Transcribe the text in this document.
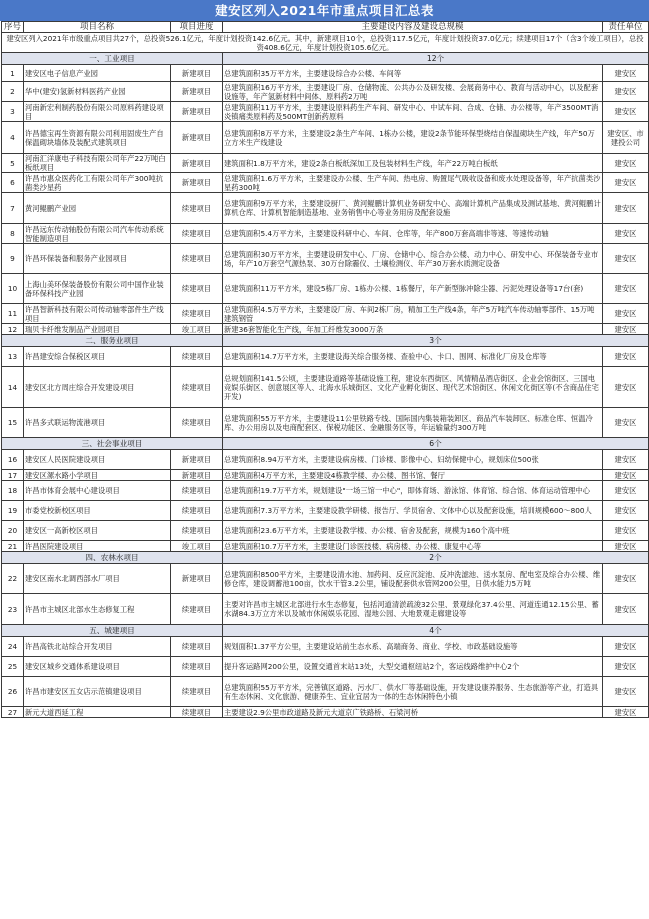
建安区列入2021年市重点项目汇总表
序号	项目名称	项目进度	主要建设内容及建设总规模	责任单位
建安区列入2021年市级重点项目共27个，总投资526.1亿元，年度计划投资142.6亿元。其中，新建项目10个，总投资117.5亿元，年度计划投资37.0亿元；续建项目17个（含3个竣工项目），总投资408.6亿元，年度计划投资105.6亿元。				
一、工业项目			12个	
1	建安区电子信息产业园	新建项目	总建筑面积35万平方米，主要建设综合办公楼、车间等	建安区
2	华中(建安)氢新材料医药产业园	新建项目	总建筑面积16万平方米，主要建设厂房、仓储物流、公共办公及研发楼、会展商务中心、教育与活动中心，以及配套设施等，年产氢新材料中间体、原料药2万吨	建安区
3	河南新宏利制药股份有限公司原料药建设项目	新建项目	总建筑面积11万平方米，主要建设原料药生产车间、研发中心、中试车间、合成、仓储、办公楼等，年产3500MT消炎镇痛类原料药及500MT创新药原料	建安区
4	许昌德宝再生资源有限公司利用固废生产自保温砌块墙体及装配式建筑项目	新建项目	总建筑面积8万平方米，主要建设2条生产车间、1栋办公楼，建设2条节能环保型烧结自保温砌块生产线，年产50万立方米生产线建设	建安区、市建投公司
5	河南汇洋康电子科技有限公司年产22万吨白板纸项目	新建项目	建筑面积1.8万平方米，建设2条白板纸深加工及包装材料生产线，年产22万吨白板纸	建安区
6	许昌市惠众医药化工有限公司年产300吨抗菌类沙星药	新建项目	总建筑面积1.6万平方米，主要建设办公楼、生产车间、热电房、购置尾气吸收设备和废水处理设备等，年产抗菌类沙星药300吨	建安区
7	黄河鲲鹏产业园	续建项目	总建筑面积9万平方米，主要建设厨厂、黄河鲲鹏计算机业务研发中心、高端计算机产品集成及测试基地、黄河鲲鹏计算机仓库、计算机智能制造基地、业务销售中心等业务用房及配套设施	建安区
8	许昌远东传动轴股份有限公司汽车传动系统智能制造项目	续建项目	总建筑面积5.4万平方米，主要建设科研中心、车间、仓库等，年产800万套高端非等速、等速传动轴	建安区
9	许昌环保装备和服务产业园项目	续建项目	总建筑面积30万平方米，主要建设研发中心、厂房、仓储中心、综合办公楼、动力中心、研发中心、环保装备专业市场，年产10万套空气源热泵、30万台除霾仪、土壤检测仪、年产30万套水质测定设备	建安区
10	上海山美环保装备股份有限公司中国作业装备环保科技产业园	续建项目	总建筑面积11万平方米，建设5栋厂房、1栋办公楼、1栋餐厅，年产新型脉冲除尘器、污泥处理设备等17台(套)	建安区
11	许昌智新科技有限公司传动轴零部件生产线项目	续建项目	总建筑面积4.5万平方米，主要建设厂房、车间2栋厂房，精加工生产线4条，年产5万吨汽车传动轴零部件、15万吨建筑钢管	建安区
12	瑞贝卡纤维发制品产业园项目	竣工项目	新建36套智能化生产线，年加工纤维发3000万条	建安区
二、服务业项目			3个	
13	许昌建安综合保税区项目	续建项目	总建筑面积14.7万平方米，主要建设海关综合服务楼、查验中心、卡口、围网、标准化厂房及仓库等	建安区
14	建安区北方周庄综合开发建设项目	续建项目	总规划面积141.5公顷，主要建设道路等基础设施工程，建设东西街区、风情精品酒店街区、企业会馆街区、三国电竞娱乐街区、创意展区等人、北海水乐城街区、文化产业孵化街区、现代艺术馆街区、休闲文化街区等(不含商品住宅开发)	建安区
15	许昌多式联运物流港项目	续建项目	总建筑面积55万平方米，主要建设11公里铁路专线、国际国内集装箱装卸区、商品汽车装卸区、标准仓库、恒温冷库、办公用房以及电商配套区、保税功能区、金融服务区等，年运输量约300万吨	建安区
三、社会事业项目			6个	
16	建安区人民医院建设项目	新建项目	总建筑面积8.94万平方米，主要建设病房楼、门诊楼、影像中心、妇幼保健中心，规划床位500张	建安区
17	建安区漯水路小学项目	新建项目	总建筑面积4万平方米，主要建设4栋教学楼、办公楼、图书馆、餐厅	建安区
18	许昌市体育会展中心建设项目	续建项目	总建筑面积19.7万平方米，规划建设"一场三馆一中心"，即体育场、游泳馆、体育馆、综合馆、体育运动管理中心	建安区
19	市委党校新校区项目	续建项目	总建筑面积7.3万平方米，主要建设教学研楼、报告厅、学员宿舍、文体中心以及配套设施，培训规模600～800人	建安区
20	建安区一高新校区项目	续建项目	总建筑面积23.6万平方米，主要建设教学楼、办公楼、宿舍及配套，规模为160个高中班	建安区
21	许昌医院建设项目	竣工项目	总建筑面积10.7万平方米，主要建设门诊医技楼、病房楼、办公楼、康复中心等	建安区
四、农林水项目			2个	
22	建安区南水北调西部水厂项目	新建项目	总建筑面积8500平方米，主要建设清水池、加药间、反应沉淀池、反冲洗滤池、送水泵房、配电室及综合办公楼、维修仓库，建设调蓄池100亩，饮水干管3.2公里，铺设配套供水管网200公里，日供水能力5万吨	建安区
23	许昌市主城区北部水生态修复工程	续建项目	主要对许昌市主城区北部进行水生态修复，包括河道清淤疏浚32公里、景观绿化37.4公里、河道连通12.15公里、蓄水湖84.3万立方米以及城市休闲娱乐花园、湿地公园、大地景观走廊建设等	建安区
五、城建项目			4个	
24	许昌高铁北站综合开发项目	续建项目	规划面积1.37平方公里，主要建设站前生态水系、高端商务、商业、学校、市政基础设施等	建安区
25	建安区城乡交通体系建设项目	续建项目	提升客运路网200公里，设置交通首末站13处，大型交通枢纽站2个，客运线路维护中心2个	建安区
26	许昌市建安区五女店示范镇建设项目	续建项目	总建筑面积55万平方米，完善镇区道路、污水厂、供水厂等基础设施，开发建设康养服务、生态旅游等产业，打造具有生态休闲、文化旅游、健康养生、宜业宜居为一体的生态休闲特色小镇	建安区
27	新元大道西延工程	续建项目	主要建设2.9公里市政道路及新元大道京广铁路桥、石梁河桥	建安区
